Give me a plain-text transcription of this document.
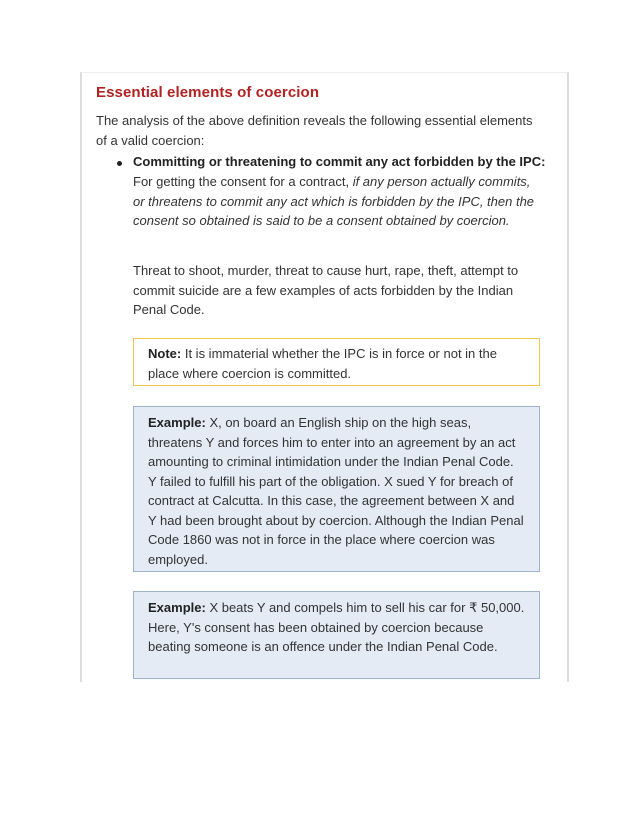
Essential elements of coercion

The analysis of the above definition reveals the following essential elements of a valid coercion:

Committing or threatening to commit any act forbidden by the IPC:

For getting the consent for a contract, if any person actually commits, or threatens to commit any act which is forbidden by the IPC, then the consent so obtained is said to be a consent obtained by coercion.

Threat to shoot, murder, threat to cause hurt, rape, theft, attempt to commit suicide are a few examples of acts forbidden by the Indian Penal Code.

Note: It is immaterial whether the IPC is in force or not in the place where coercion is committed.
Example: X, on board an English ship on the high seas, threatens Y and forces him to enter into an agreement by an act amounting to criminal intimidation under the Indian Penal Code. Y failed to fulfill his part of the obligation. X sued Y for breach of contract at Calcutta. In this case, the agreement between X and Y had been brought about by coercion. Although the Indian Penal Code 1860 was not in force in the place where coercion was employed.
Example: X beats Y and compels him to sell his car for ₹ 50,000. Here, Y's consent has been obtained by coercion because beating someone is an offence under the Indian Penal Code.
